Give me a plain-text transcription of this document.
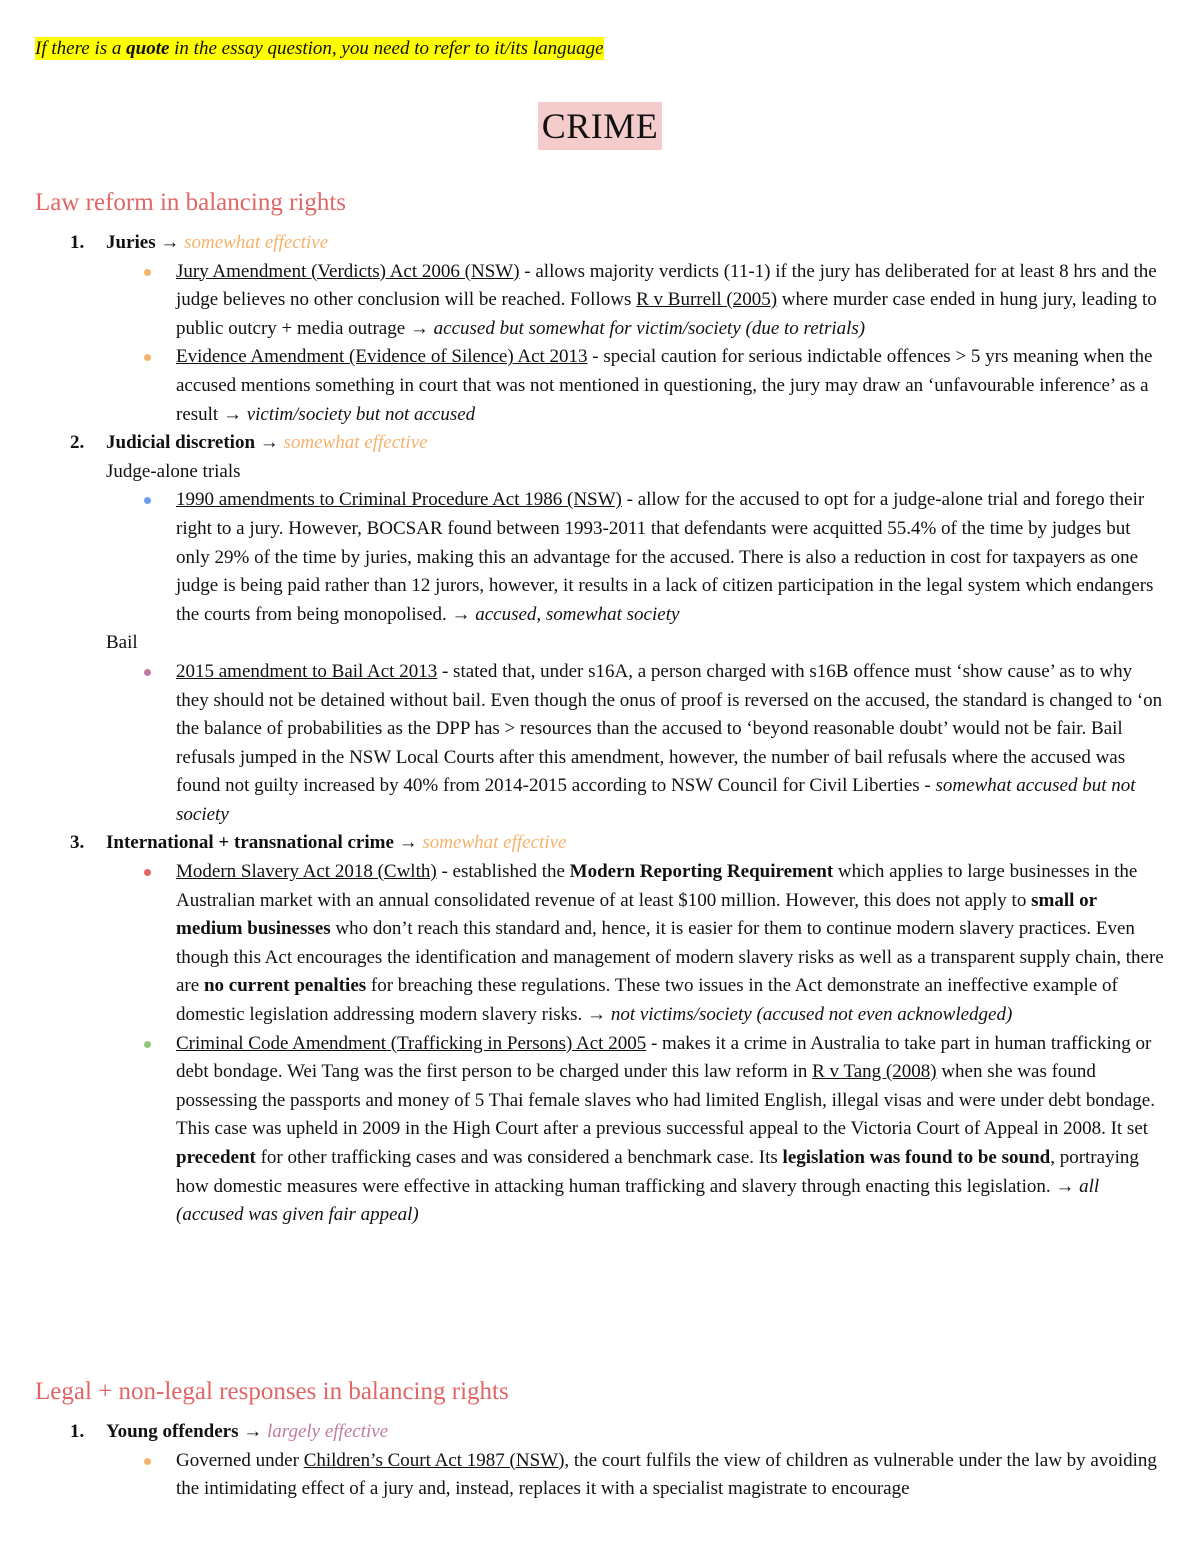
If there is a quote in the essay question, you need to refer to it/its language

CRIME
Law reform in balancing rights
1. Juries → somewhat effective

Jury Amendment (Verdicts) Act 2006 (NSW) - allows majority verdicts (11-1) if the jury has deliberated for at least 8 hrs and the judge believes no other conclusion will be reached. Follows R v Burrell (2005) where murder case ended in hung jury, leading to public outcry + media outrage → accused but somewhat for victim/society (due to retrials)

Evidence Amendment (Evidence of Silence) Act 2013 - special caution for serious indictable offences > 5 yrs meaning when the accused mentions something in court that was not mentioned in questioning, the jury may draw an ‘unfavourable inference’ as a result → victim/society but not accused

2. Judicial discretion → somewhat effective
Judge-alone trials

1990 amendments to Criminal Procedure Act 1986 (NSW) - allow for the accused to opt for a judge-alone trial and forego their right to a jury. However, BOCSAR found between 1993-2011 that defendants were acquitted 55.4% of the time by judges but only 29% of the time by juries, making this an advantage for the accused. There is also a reduction in cost for taxpayers as one judge is being paid rather than 12 jurors, however, it results in a lack of citizen participation in the legal system which endangers the courts from being monopolised. → accused, somewhat society

Bail

2015 amendment to Bail Act 2013 - stated that, under s16A, a person charged with s16B offence must ‘show cause’ as to why they should not be detained without bail. Even though the onus of proof is reversed on the accused, the standard is changed to ‘on the balance of probabilities as the DPP has > resources than the accused to ‘beyond reasonable doubt’ would not be fair. Bail refusals jumped in the NSW Local Courts after this amendment, however, the number of bail refusals where the accused was found not guilty increased by 40% from 2014-2015 according to NSW Council for Civil Liberties - somewhat accused but not society

3. International + transnational crime → somewhat effective

Modern Slavery Act 2018 (Cwlth) - established the Modern Reporting Requirement which applies to large businesses in the Australian market with an annual consolidated revenue of at least $100 million. However, this does not apply to small or medium businesses who don’t reach this standard and, hence, it is easier for them to continue modern slavery practices. Even though this Act encourages the identification and management of modern slavery risks as well as a transparent supply chain, there are no current penalties for breaching these regulations. These two issues in the Act demonstrate an ineffective example of domestic legislation addressing modern slavery risks. → not victims/society (accused not even acknowledged)

Criminal Code Amendment (Trafficking in Persons) Act 2005 - makes it a crime in Australia to take part in human trafficking or debt bondage. Wei Tang was the first person to be charged under this law reform in R v Tang (2008) when she was found possessing the passports and money of 5 Thai female slaves who had limited English, illegal visas and were under debt bondage. This case was upheld in 2009 in the High Court after a previous successful appeal to the Victoria Court of Appeal in 2008. It set precedent for other trafficking cases and was considered a benchmark case. Its legislation was found to be sound, portraying how domestic measures were effective in attacking human trafficking and slavery through enacting this legislation. → all (accused was given fair appeal)

Legal + non-legal responses in balancing rights
1. Young offenders → largely effective

Governed under Children’s Court Act 1987 (NSW), the court fulfils the view of children as vulnerable under the law by avoiding the intimidating effect of a jury and, instead, replaces it with a specialist magistrate to encourage
